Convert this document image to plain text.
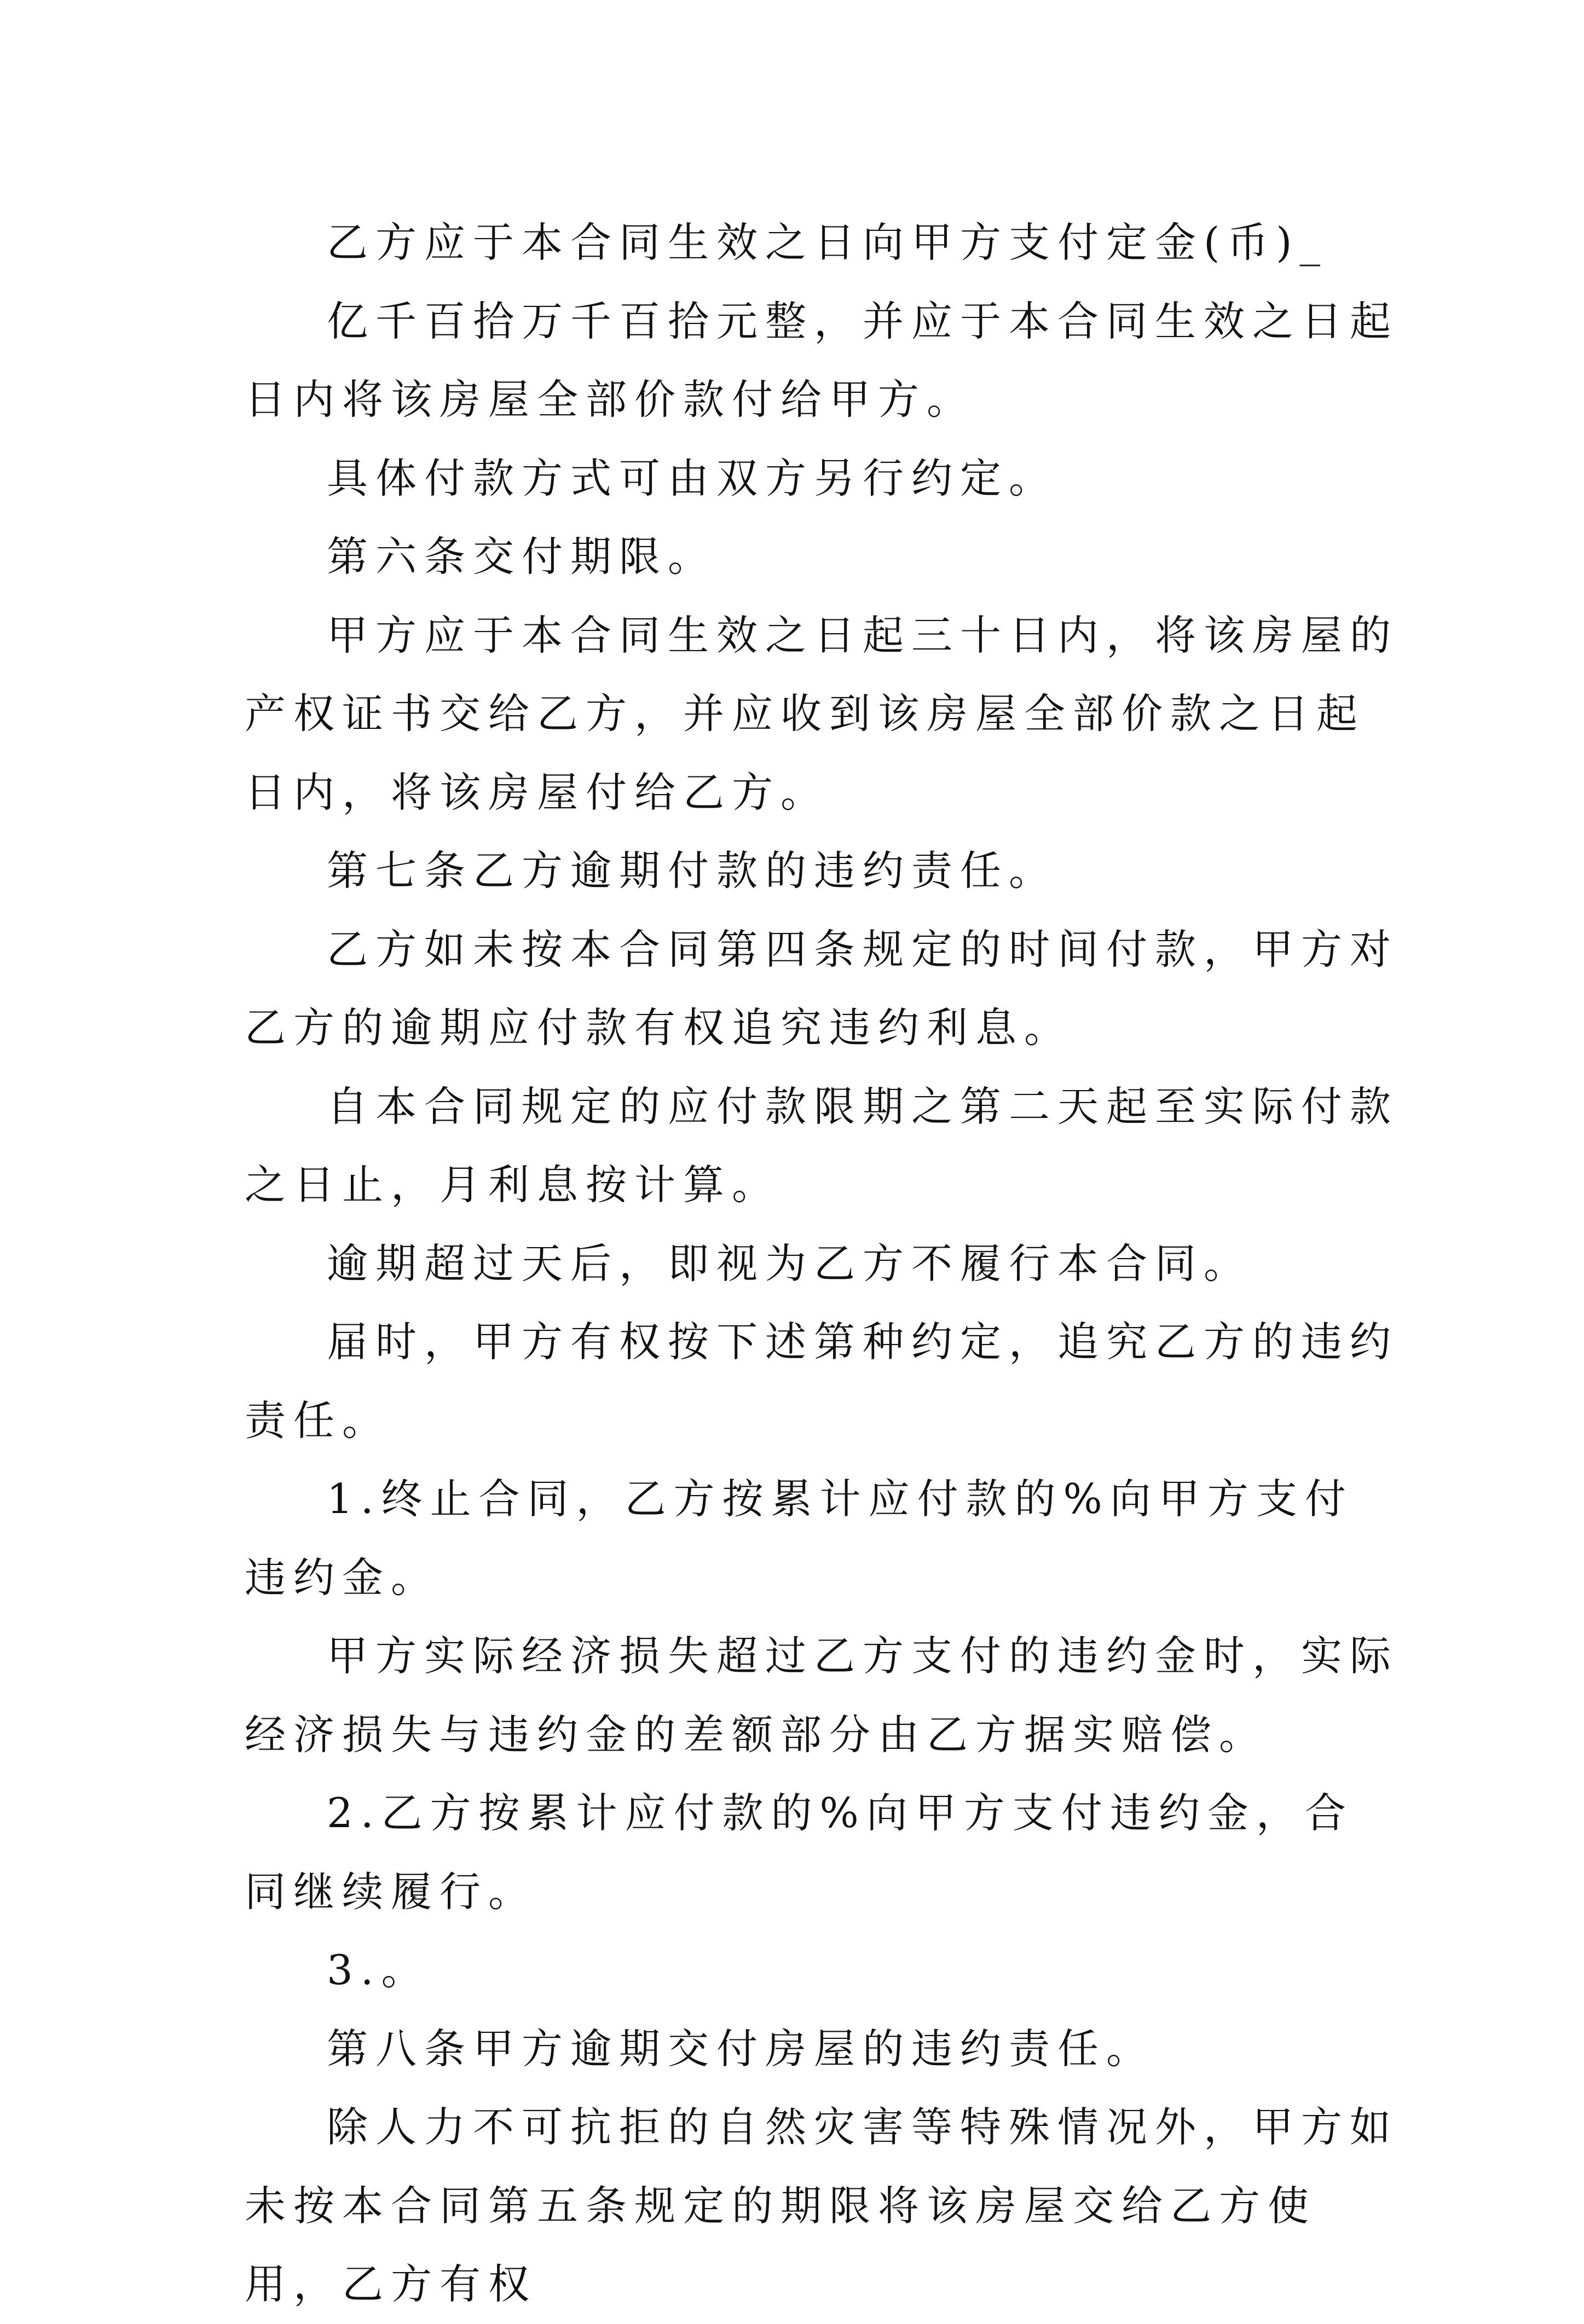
乙方应于本合同生效之日向甲方支付定金(币)_

亿千百拾万千百拾元整，并应于本合同生效之日起日内将该房屋全部价款付给甲方。

具体付款方式可由双方另行约定。

第六条交付期限。

甲方应于本合同生效之日起三十日内，将该房屋的产权证书交给乙方，并应收到该房屋全部价款之日起日内，将该房屋付给乙方。

第七条乙方逾期付款的违约责任。

乙方如未按本合同第四条规定的时间付款，甲方对乙方的逾期应付款有权追究违约利息。

自本合同规定的应付款限期之第二天起至实际付款之日止，月利息按计算。

逾期超过天后，即视为乙方不履行本合同。

届时，甲方有权按下述第种约定，追究乙方的违约责任。

1.终止合同，乙方按累计应付款的%向甲方支付违约金。

甲方实际经济损失超过乙方支付的违约金时，实际经济损失与违约金的差额部分由乙方据实赔偿。

2.乙方按累计应付款的%向甲方支付违约金，合同继续履行。

3.。

第八条甲方逾期交付房屋的违约责任。

除人力不可抗拒的自然灾害等特殊情况外，甲方如未按本合同第五条规定的期限将该房屋交给乙方使用，乙方有权
